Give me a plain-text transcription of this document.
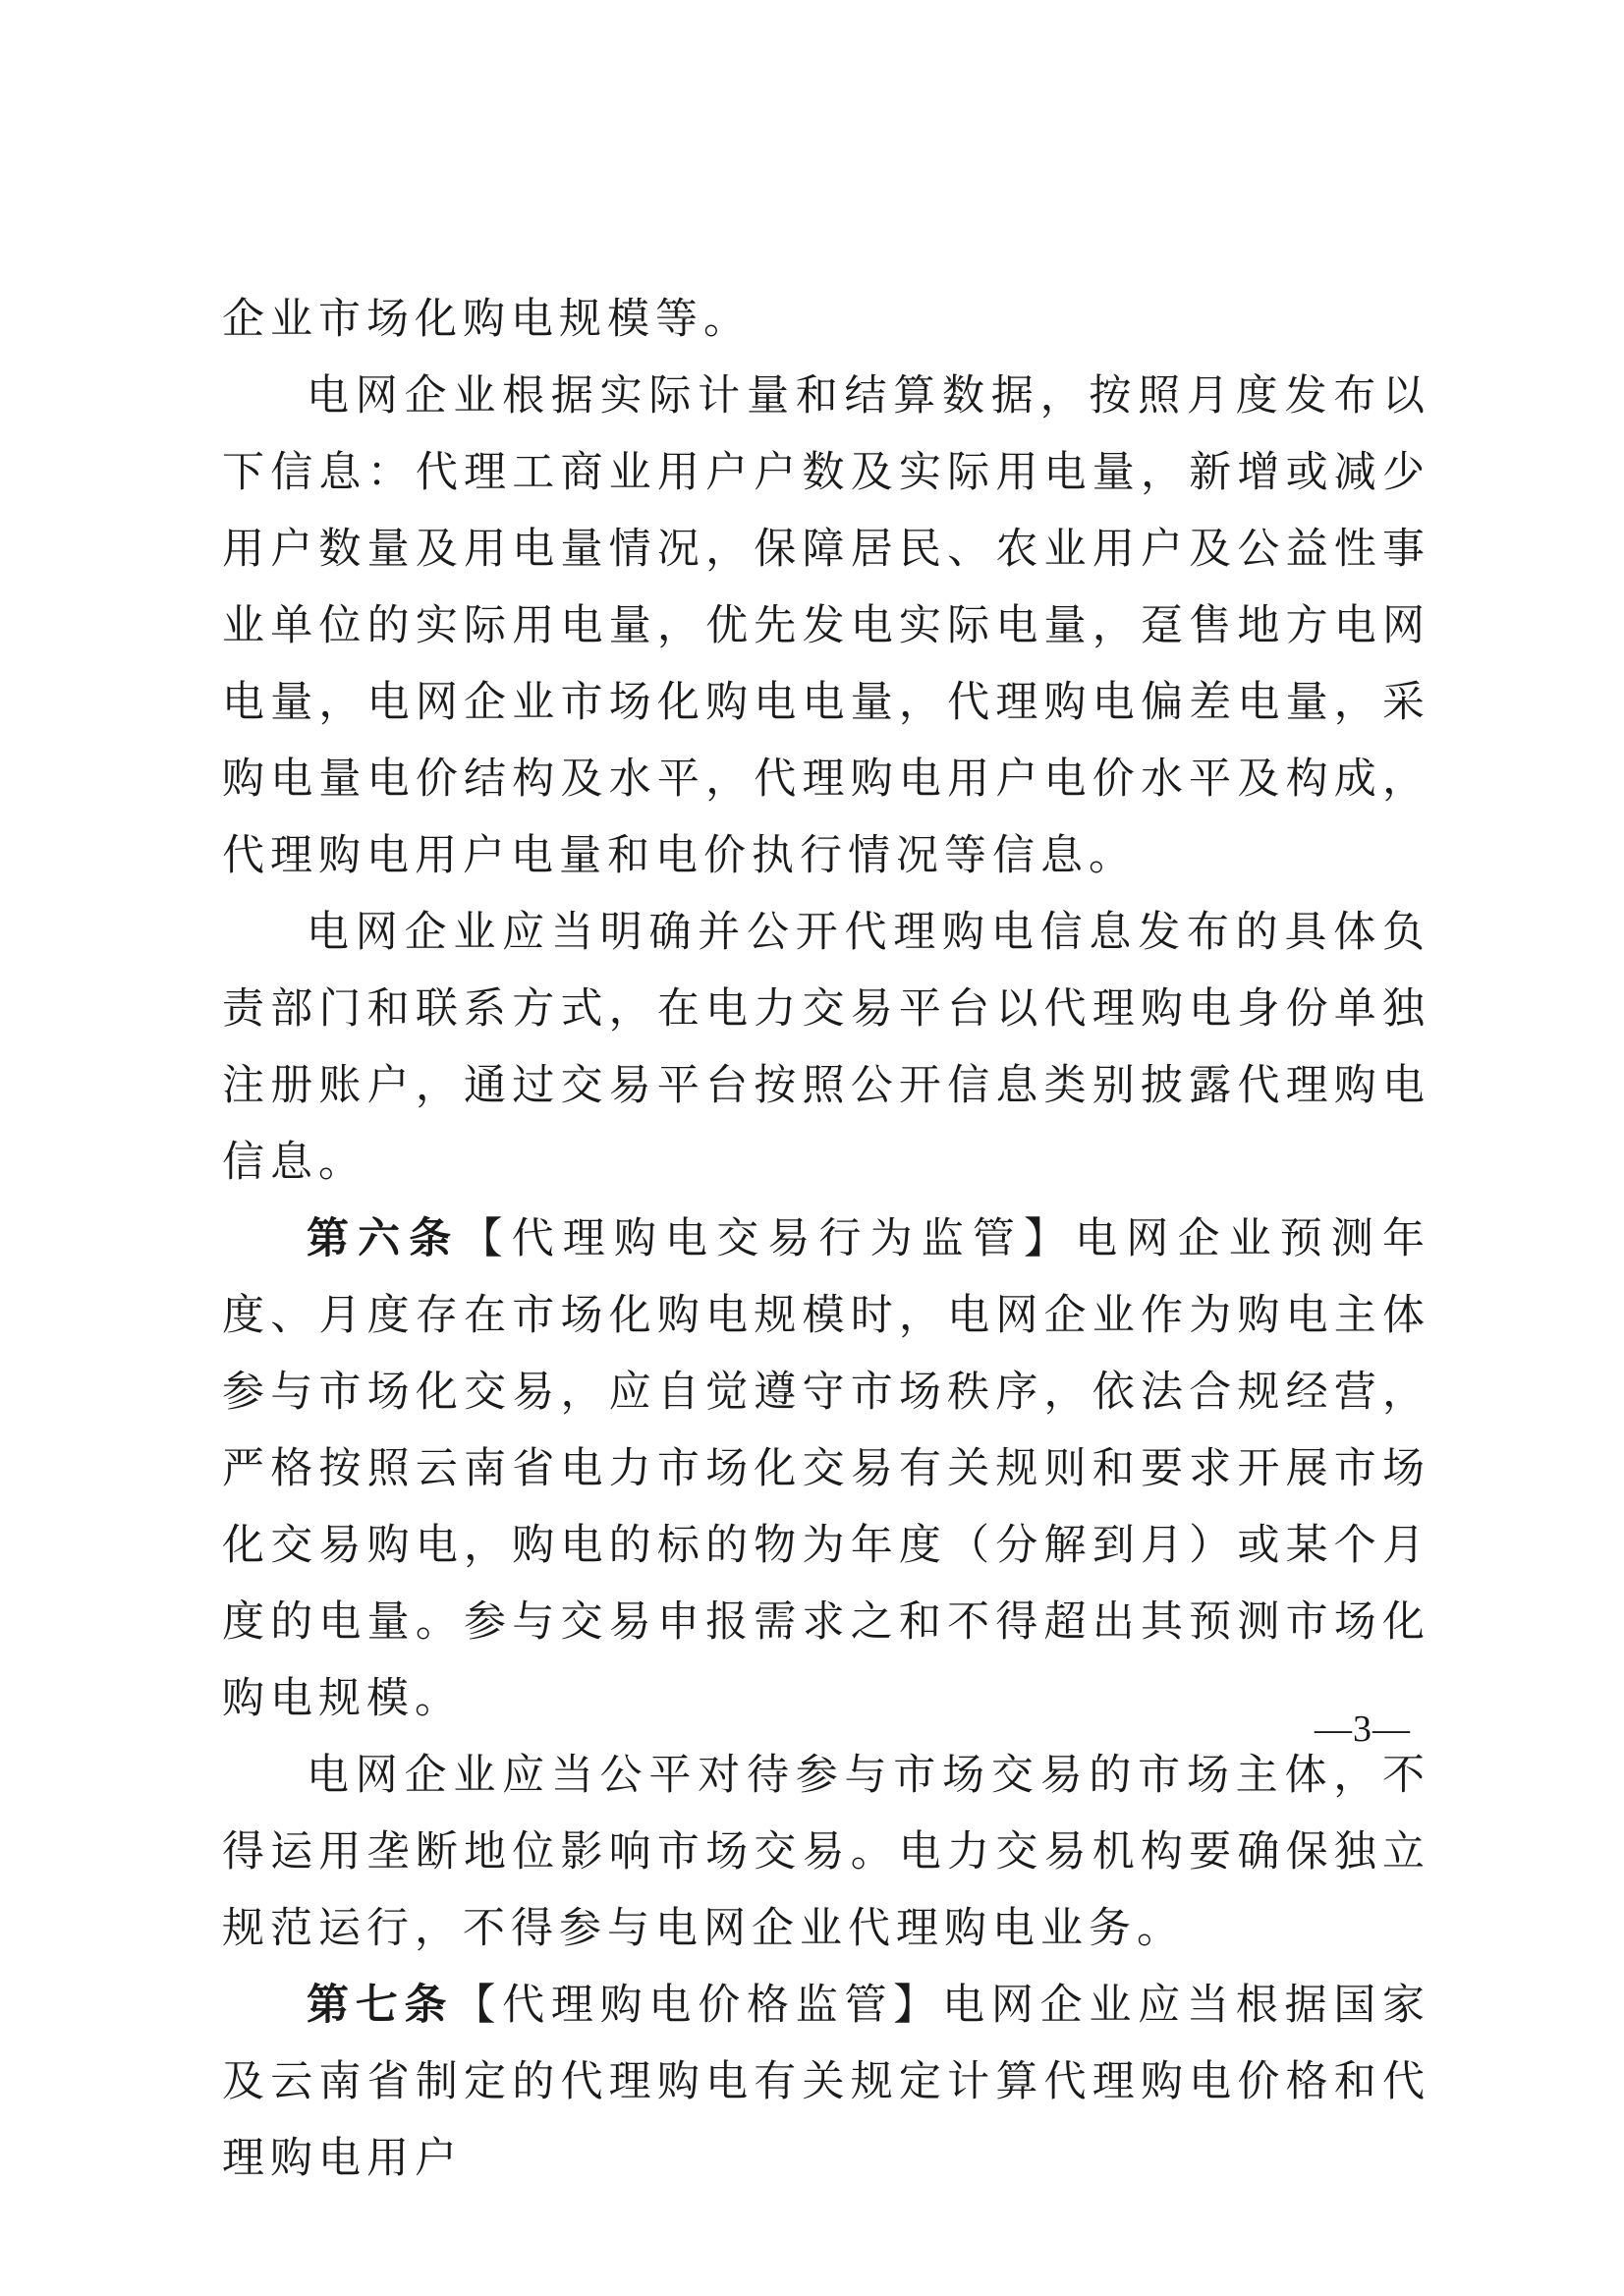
企业市场化购电规模等。

电网企业根据实际计量和结算数据，按照月度发布以下信息：代理工商业用户户数及实际用电量，新增或减少用户数量及用电量情况，保障居民、农业用户及公益性事业单位的实际用电量，优先发电实际电量，趸售地方电网电量，电网企业市场化购电电量，代理购电偏差电量，采购电量电价结构及水平，代理购电用户电价水平及构成，代理购电用户电量和电价执行情况等信息。

电网企业应当明确并公开代理购电信息发布的具体负责部门和联系方式，在电力交易平台以代理购电身份单独注册账户，通过交易平台按照公开信息类别披露代理购电信息。

第六条【代理购电交易行为监管】电网企业预测年度、月度存在市场化购电规模时，电网企业作为购电主体参与市场化交易，应自觉遵守市场秩序，依法合规经营，严格按照云南省电力市场化交易有关规则和要求开展市场化交易购电，购电的标的物为年度（分解到月）或某个月度的电量。参与交易申报需求之和不得超出其预测市场化购电规模。

电网企业应当公平对待参与市场交易的市场主体，不得运用垄断地位影响市场交易。电力交易机构要确保独立规范运行，不得参与电网企业代理购电业务。

第七条【代理购电价格监管】电网企业应当根据国家及云南省制定的代理购电有关规定计算代理购电价格和代理购电用户

—3—
